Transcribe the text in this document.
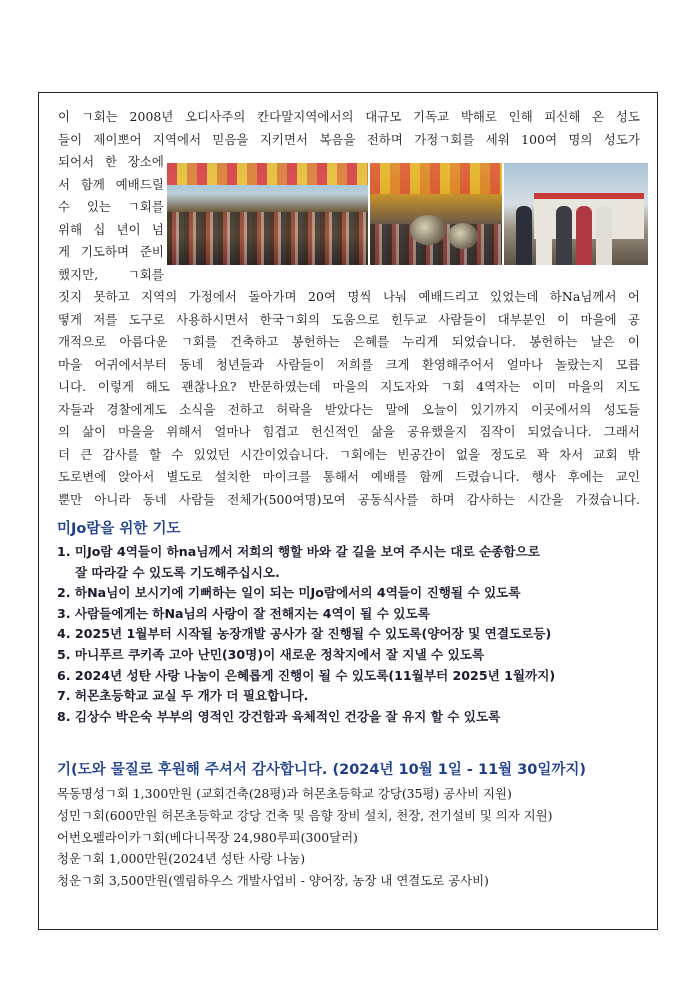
이 ㄱ회는 2008년 오디사주의 칸다말지역에서의 대규모 기독교 박해로 인해 피신해 온 성도
들이 제이뽀어 지역에서 믿음을 지키면서 복음을 전하며 가정ㄱ회를 세워 100여 명의 성도가
되어서 한 장소에
서 함께 예배드릴
수 있는 ㄱ회를
위해 십 년이 넘
게 기도하며 준비
했지만, ㄱ회를
짓지 못하고 지역의 가정에서 돌아가며 20여 명씩 나눠 예배드리고 있었는데 하Na님께서 어
떻게 저를 도구로 사용하시면서 한국ㄱ회의 도움으로 힌두교 사람들이 대부분인 이 마을에 공
개적으로 아름다운 ㄱ회를 건축하고 봉헌하는 은혜를 누리게 되었습니다. 봉헌하는 날은 이
마을 어귀에서부터 동네 청년들과 사람들이 저희를 크게 환영해주어서 얼마나 놀랐는지 모릅
니다. 이렇게 해도 괜찮나요? 반문하였는데 마을의 지도자와 ㄱ회 4역자는 이미 마을의 지도
자들과 경찰에게도 소식을 전하고 허락을 받았다는 말에 오늘이 있기까지 이곳에서의 성도들
의 삶이 마을을 위해서 얼마나 힘겹고 헌신적인 삶을 공유했을지 짐작이 되었습니다. 그래서
더 큰 감사를 할 수 있었던 시간이었습니다. ㄱ회에는 빈공간이 없을 정도로 꽉 차서 교회 밖
도로변에 앉아서 별도로 설치한 마이크를 통해서 예배를 함께 드렸습니다. 행사 후에는 교인
뿐만 아니라 동네 사람들 전체가(500여명)모여 공동식사를 하며 감사하는 시간을 가졌습니다.
미Jo람을 위한 기도
1. 미Jo람 4역들이 하na님께서 저희의 행할 바와 갈 길을 보여 주시는 대로 순종함으로
잘 따라갈 수 있도록 기도해주십시오.
2. 하Na님이 보시기에 기뻐하는 일이 되는 미Jo람에서의 4역들이 진행될 수 있도록
3. 사람들에게는 하Na님의 사랑이 잘 전해지는 4역이 될 수 있도록
4. 2025년 1월부터 시작될 농장개발 공사가 잘 진행될 수 있도록(양어장 및 연결도로등)
5. 마니푸르 쿠키족 고아 난민(30명)이 새로운 정착지에서 잘 지낼 수 있도록
6. 2024년 성탄 사랑 나눔이 은혜롭게 진행이 될 수 있도록(11월부터 2025년 1월까지)
7. 허몬초등학교 교실 두 개가 더 필요합니다.
8. 김상수 박은숙 부부의 영적인 강건함과 육체적인 건강을 잘 유지 할 수 있도록
기(도와 물질로 후원해 주셔서 감사합니다. (2024년 10월 1일 - 11월 30일까지)
목동명성ㄱ회 1,300만원 (교회건축(28평)과 허몬초등학교 강당(35평) 공사비 지원)
성민ㄱ회(600만원 허몬초등학교 강당 건축 및 음향 장비 설치, 천장, 전기설비 및 의자 지원)
어번오펠라이카ㄱ회(베다니목장 24,980루피(300달러)
청운ㄱ회 1,000만원(2024년 성탄 사랑 나눔)
청운ㄱ회 3,500만원(엘림하우스 개발사업비 - 양어장, 농장 내 연결도로 공사비)
